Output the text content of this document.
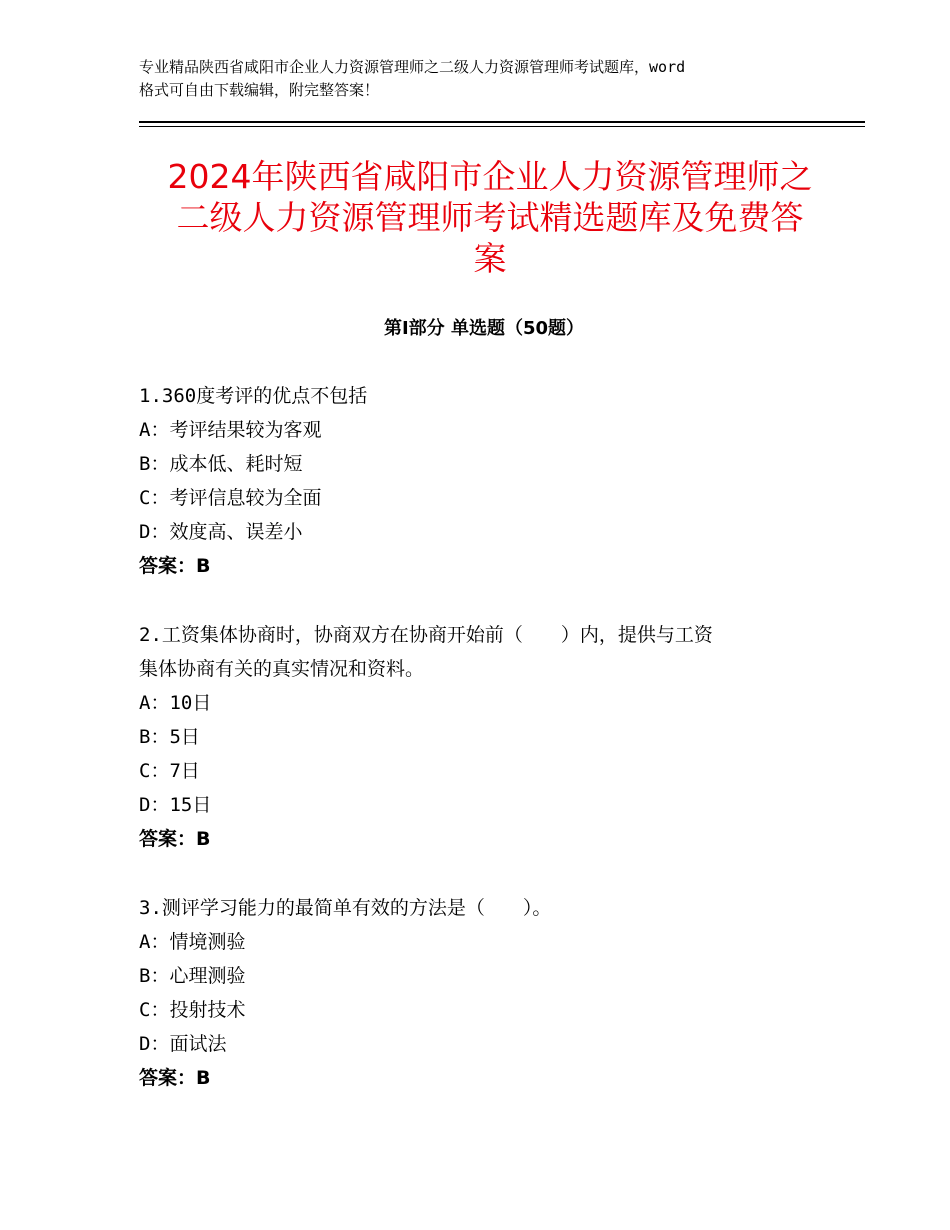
专业精品陕西省咸阳市企业人力资源管理师之二级人力资源管理师考试题库，word
格式可自由下载编辑，附完整答案！
2024年陕西省咸阳市企业人力资源管理师之
二级人力资源管理师考试精选题库及免费答
案
第Ⅰ部分 单选题（50题）
1.360度考评的优点不包括
A：考评结果较为客观
B：成本低、耗时短
C：考评信息较为全面
D：效度高、误差小
答案：B
2.工资集体协商时，协商双方在协商开始前（　　）内，提供与工资
集体协商有关的真实情况和资料。
A：10日
B：5日
C：7日
D：15日
答案：B
3.测评学习能力的最简单有效的方法是（　　）。
A：情境测验
B：心理测验
C：投射技术
D：面试法
答案：B
